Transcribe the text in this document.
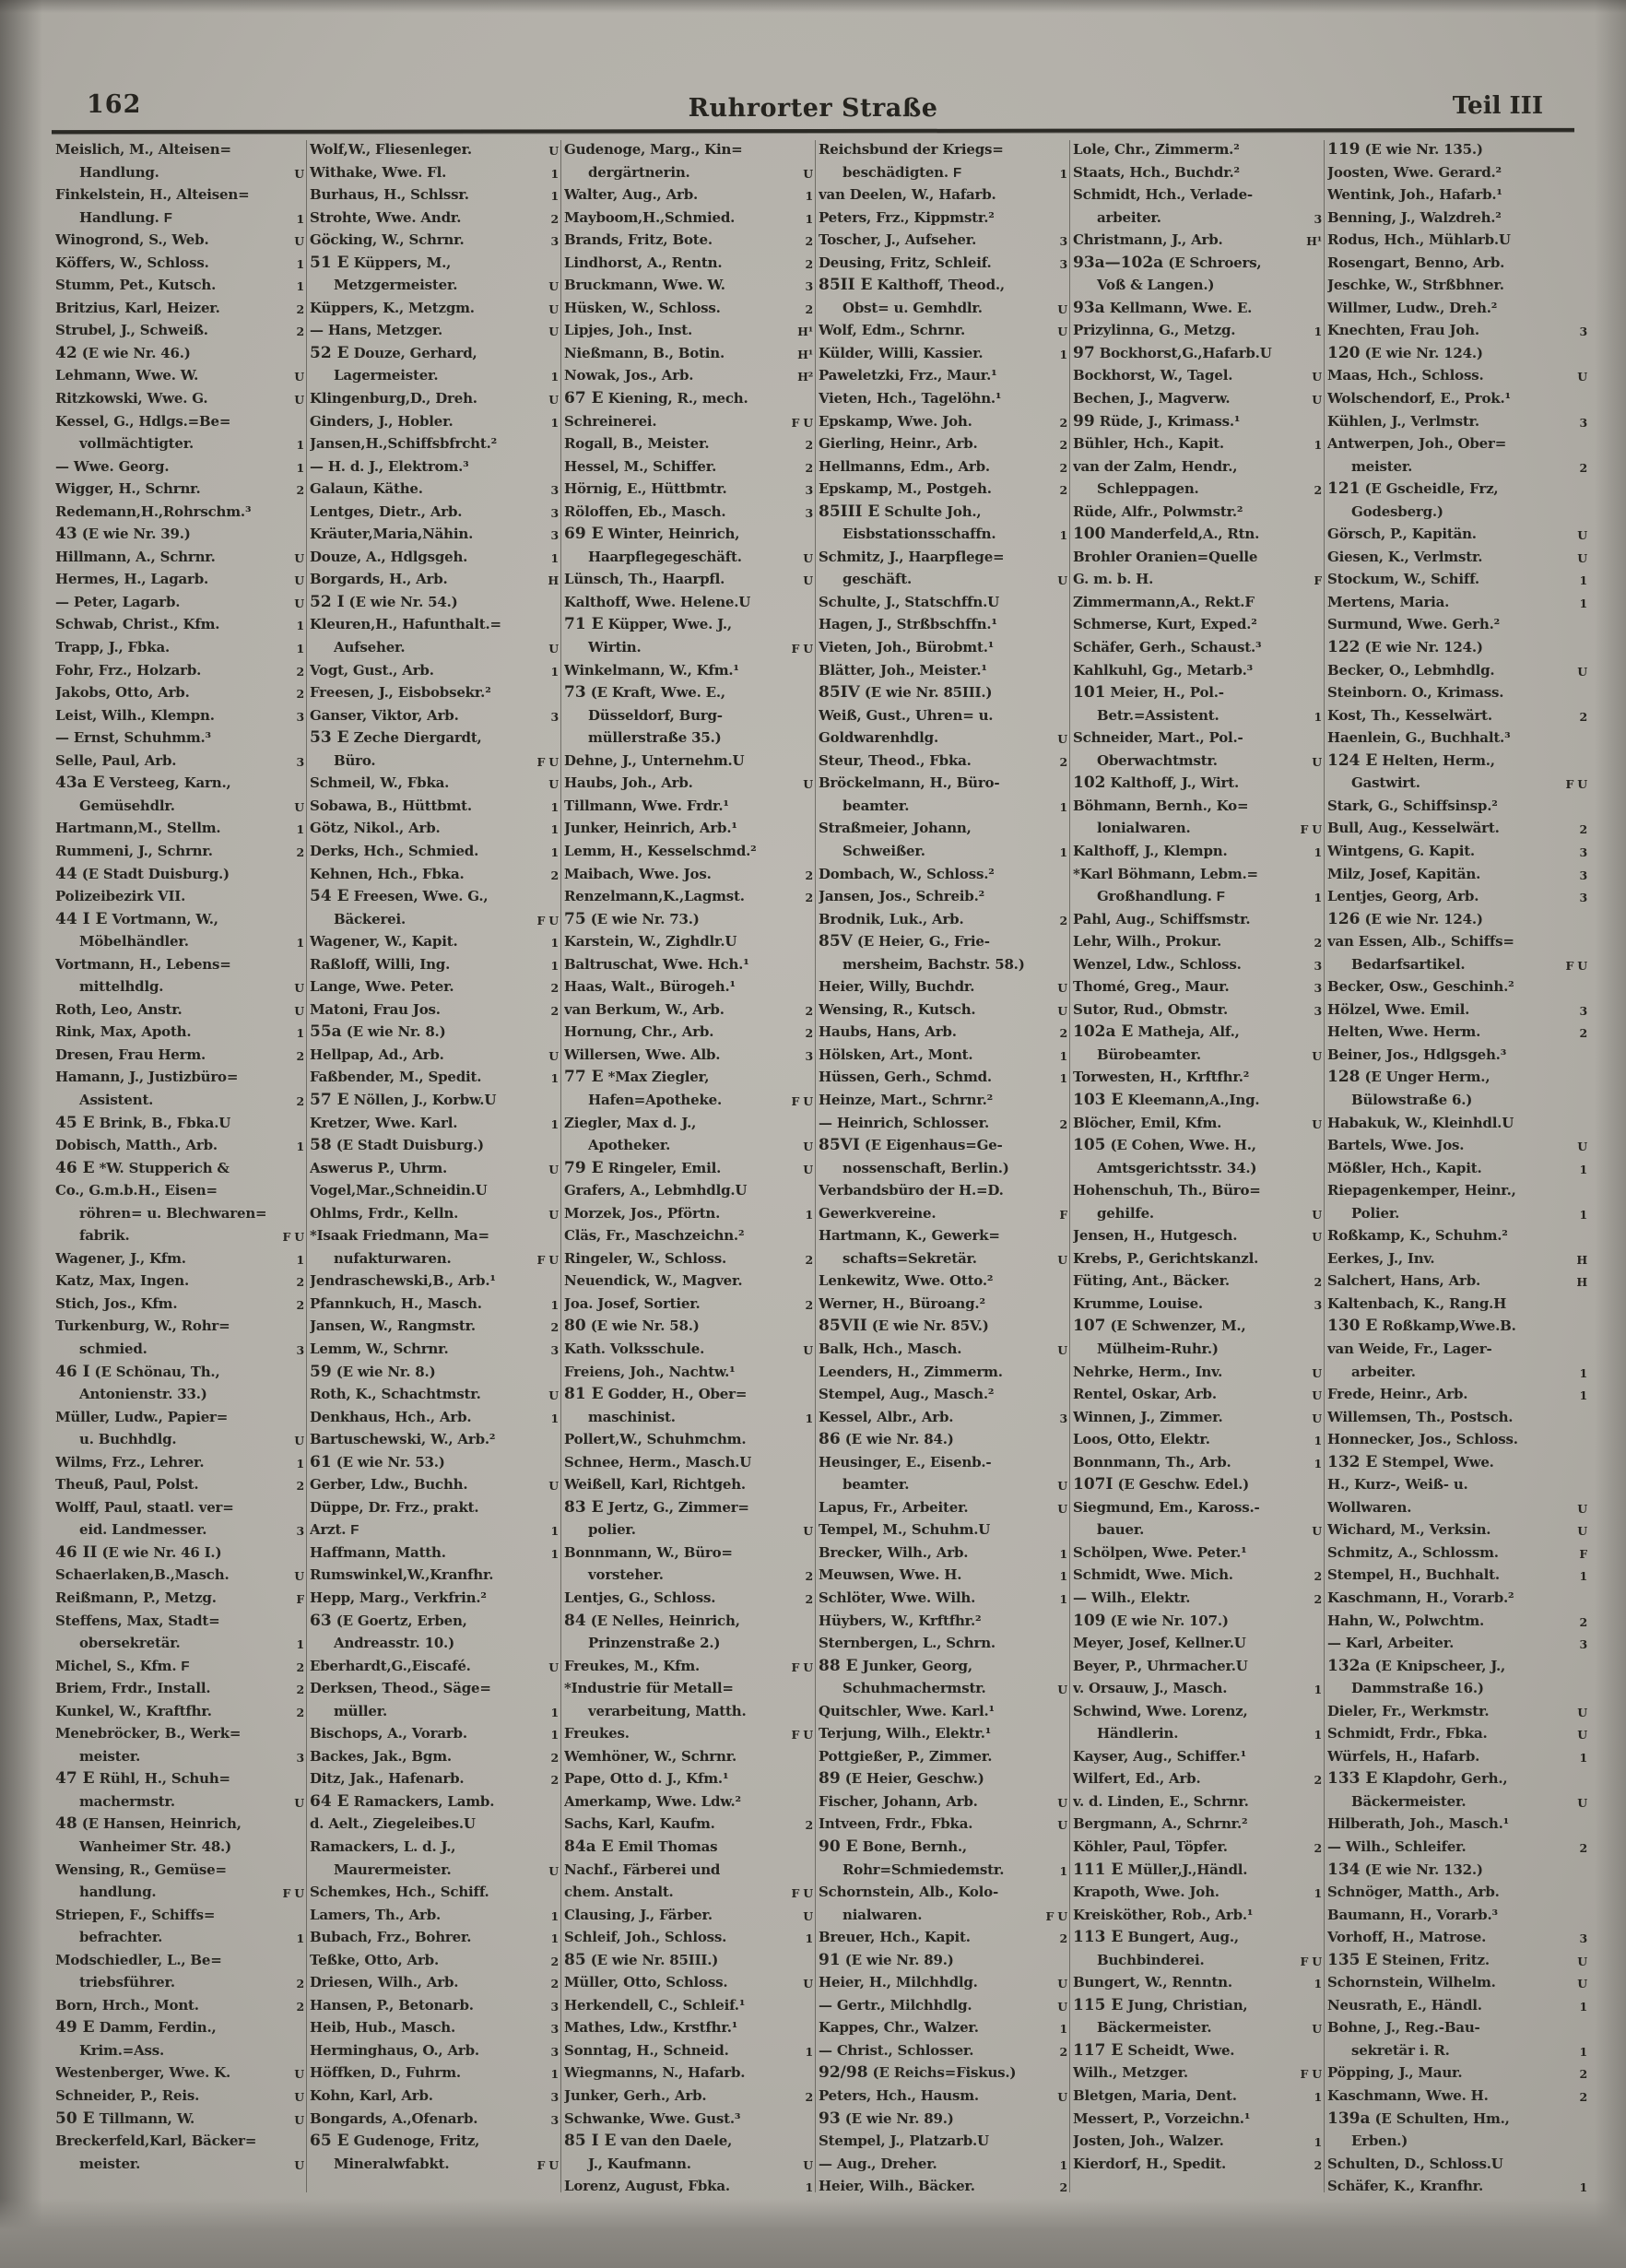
162	Ruhrorter Straße	Teil III
Meislich, M., Alteisen=
Handlung.	U
Finkelstein, H., Alteisen=
Handlung. F	1
Winogrond, S., Web.	U
Köffers, W., Schloss.	1
Stumm, Pet., Kutsch.	1
Britzius, Karl, Heizer.	2
Strubel, J., Schweiß.	2
42 (E wie Nr. 46.)
Lehmann, Wwe. W.	U
Ritzkowski, Wwe. G.	U
Kessel, G., Hdlgs.=Be=
vollmächtigter.	1
— Wwe. Georg.	1
Wigger, H., Schrnr.	2
Redemann,H.,Rohrschm.³
43 (E wie Nr. 39.)
Hillmann, A., Schrnr.	U
Hermes, H., Lagarb.	U
— Peter, Lagarb.	U
Schwab, Christ., Kfm.	1
Trapp, J., Fbka.	1
Fohr, Frz., Holzarb.	2
Jakobs, Otto, Arb.	2
Leist, Wilh., Klempn.	3
— Ernst, Schuhmm.³
Selle, Paul, Arb.	3
43a E Versteeg, Karn.,
Gemüsehdlr.	U
Hartmann,M., Stellm.	1
Rummeni, J., Schrnr.	2
44 (E Stadt Duisburg.)
Polizeibezirk VII.
44 I E Vortmann, W.,
Möbelhändler.	1
Vortmann, H., Lebens=
mittelhdlg.	U
Roth, Leo, Anstr.	U
Rink, Max, Apoth.	1
Dresen, Frau Herm.	2
Hamann, J., Justizbüro=
Assistent.	2
45 E Brink, B., Fbka.U
Dobisch, Matth., Arb.	1
46 E *W. Stupperich &
Co., G.m.b.H., Eisen=
röhren= u. Blechwaren=
fabrik.	F U
Wagener, J., Kfm.	1
Katz, Max, Ingen.	2
Stich, Jos., Kfm.	2
Turkenburg, W., Rohr=
schmied.	3
46 I (E Schönau, Th.,
Antonienstr. 33.)
Müller, Ludw., Papier=
u. Buchhdlg.	U
Wilms, Frz., Lehrer.	1
Theuß, Paul, Polst.	2
Wolff, Paul, staatl. ver=
eid. Landmesser.	3
46 II (E wie Nr. 46 I.)
Schaerlaken,B.,Masch.	U
Reißmann, P., Metzg.	F
Steffens, Max, Stadt=
obersekretär.	1
Michel, S., Kfm. F	2
Briem, Frdr., Install.	2
Kunkel, W., Kraftfhr.	2
Menebröcker, B., Werk=
meister.	3
47 E Rühl, H., Schuh=
machermstr.	U
48 (E Hansen, Heinrich,
Wanheimer Str. 48.)
Wensing, R., Gemüse=
handlung.	F U
Striepen, F., Schiffs=
befrachter.	1
Modschiedler, L., Be=
triebsführer.	2
Born, Hrch., Mont.	2
49 E Damm, Ferdin.,
Krim.=Ass.
Westenberger, Wwe. K.	U
Schneider, P., Reis.	U
50 E Tillmann, W.	U
Breckerfeld,Karl, Bäcker=
meister.	U
Wolf,W., Fliesenleger.	U
Withake, Wwe. Fl.	1
Burhaus, H., Schlssr.	1
Strohte, Wwe. Andr.	2
Göcking, W., Schrnr.	3
51 E Küppers, M.,
Metzgermeister.	U
Küppers, K., Metzgm.	U
— Hans, Metzger.	U
52 E Douze, Gerhard,
Lagermeister.	1
Klingenburg,D., Dreh.	U
Ginders, J., Hobler.	1
Jansen,H.,Schiffsbfrcht.²
— H. d. J., Elektrom.³
Galaun, Käthe.	3
Lentges, Dietr., Arb.	3
Kräuter,Maria,Nähin.	3
Douze, A., Hdlgsgeh.	1
Borgards, H., Arb.	H
52 I (E wie Nr. 54.)
Kleuren,H., Hafunthalt.=
Aufseher.	U
Vogt, Gust., Arb.	1
Freesen, J., Eisbobsekr.²
Ganser, Viktor, Arb.	3
53 E Zeche Diergardt,
Büro.	F U
Schmeil, W., Fbka.	U
Sobawa, B., Hüttbmt.	1
Götz, Nikol., Arb.	1
Derks, Hch., Schmied.	1
Kehnen, Hch., Fbka.	2
54 E Freesen, Wwe. G.,
Bäckerei.	F U
Wagener, W., Kapit.	1
Raßloff, Willi, Ing.	1
Lange, Wwe. Peter.	2
Matoni, Frau Jos.	2
55a (E wie Nr. 8.)
Hellpap, Ad., Arb.	U
Faßbender, M., Spedit.	1
57 E Nöllen, J., Korbw.U
Kretzer, Wwe. Karl.	1
58 (E Stadt Duisburg.)
Aswerus P., Uhrm.	U
Vogel,Mar.,Schneidin.U
Ohlms, Frdr., Kelln.	U
*Isaak Friedmann, Ma=
nufakturwaren.	F U
Jendraschewski,B., Arb.¹
Pfannkuch, H., Masch.	1
Jansen, W., Rangmstr.	2
Lemm, W., Schrnr.	3
59 (E wie Nr. 8.)
Roth, K., Schachtmstr.	U
Denkhaus, Hch., Arb.	1
Bartuschewski, W., Arb.²
61 (E wie Nr. 53.)
Gerber, Ldw., Buchh.	U
Düppe, Dr. Frz., prakt.
Arzt. F	1
Haffmann, Matth.	1
Rumswinkel,W.,Kranfhr.
Hepp, Marg., Verkfrin.²
63 (E Goertz, Erben,
Andreasstr. 10.)
Eberhardt,G.,Eiscafé.	U
Derksen, Theod., Säge=
müller.	1
Bischops, A., Vorarb.	1
Backes, Jak., Bgm.	2
Ditz, Jak., Hafenarb.	2
64 E Ramackers, Lamb.
d. Aelt., Ziegeleibes.U
Ramackers, L. d. J.,
Maurermeister.	U
Schemkes, Hch., Schiff.
Lamers, Th., Arb.	1
Bubach, Frz., Bohrer.	1
Teßke, Otto, Arb.	2
Driesen, Wilh., Arb.	2
Hansen, P., Betonarb.	3
Heib, Hub., Masch.	3
Herminghaus, O., Arb.	3
Höffken, D., Fuhrm.	1
Kohn, Karl, Arb.	3
Bongards, A.,Ofenarb.	3
65 E Gudenoge, Fritz,
Mineralwfabkt.	F U
Gudenoge, Marg., Kin=
dergärtnerin.	U
Walter, Aug., Arb.	1
Mayboom,H.,Schmied.	1
Brands, Fritz, Bote.	2
Lindhorst, A., Rentn.	2
Bruckmann, Wwe. W.	3
Hüsken, W., Schloss.	2
Lipjes, Joh., Inst.	H¹
Nießmann, B., Botin.	H¹
Nowak, Jos., Arb.	H²
67 E Kiening, R., mech.
Schreinerei.	F U
Rogall, B., Meister.	2
Hessel, M., Schiffer.	2
Hörnig, E., Hüttbmtr.	3
Röloffen, Eb., Masch.	3
69 E Winter, Heinrich,
Haarpflegegeschäft.	U
Lünsch, Th., Haarpfl.	U
Kalthoff, Wwe. Helene.U
71 E Küpper, Wwe. J.,
Wirtin.	F U
Winkelmann, W., Kfm.¹
73 (E Kraft, Wwe. E.,
Düsseldorf, Burg-
müllerstraße 35.)
Dehne, J., Unternehm.U
Haubs, Joh., Arb.	U
Tillmann, Wwe. Frdr.¹
Junker, Heinrich, Arb.¹
Lemm, H., Kesselschmd.²
Maibach, Wwe. Jos.	2
Renzelmann,K.,Lagmst.	2
75 (E wie Nr. 73.)
Karstein, W., Zighdlr.U
Baltruschat, Wwe. Hch.¹
Haas, Walt., Bürogeh.¹
van Berkum, W., Arb.	2
Hornung, Chr., Arb.	2
Willersen, Wwe. Alb.	3
77 E *Max Ziegler,
Hafen=Apotheke.	F U
Ziegler, Max d. J.,
Apotheker.	U
79 E Ringeler, Emil.	U
Grafers, A., Lebmhdlg.U
Morzek, Jos., Pförtn.	1
Cläs, Fr., Maschzeichn.²
Ringeler, W., Schloss.	2
Neuendick, W., Magver.
Joa. Josef, Sortier.	2
80 (E wie Nr. 58.)
Kath. Volksschule.	U
Freiens, Joh., Nachtw.¹
81 E Godder, H., Ober=
maschinist.	1
Pollert,W., Schuhmchm.
Schnee, Herm., Masch.U
Weißell, Karl, Richtgeh.
83 E Jertz, G., Zimmer=
polier.	U
Bonnmann, W., Büro=
vorsteher.	2
Lentjes, G., Schloss.	2
84 (E Nelles, Heinrich,
Prinzenstraße 2.)
Freukes, M., Kfm.	F U
*Industrie für Metall=
verarbeitung, Matth.
Freukes.	F U
Wemhöner, W., Schrnr.
Pape, Otto d. J., Kfm.¹
Amerkamp, Wwe. Ldw.²
Sachs, Karl, Kaufm.	2
84a E Emil Thomas
Nachf., Färberei und
chem. Anstalt.	F U
Clausing, J., Färber.	U
Schleif, Joh., Schloss.	1
85 (E wie Nr. 85III.)
Müller, Otto, Schloss.	U
Herkendell, C., Schleif.¹
Mathes, Ldw., Krstfhr.¹
Sonntag, H., Schneid.	1
Wiegmanns, N., Hafarb.
Junker, Gerh., Arb.	2
Schwanke, Wwe. Gust.³
85 I E van den Daele,
J., Kaufmann.	U
Lorenz, August, Fbka.	1
Reichsbund der Kriegs=
beschädigten. F	1
van Deelen, W., Hafarb.
Peters, Frz., Kippmstr.²
Toscher, J., Aufseher.	3
Deusing, Fritz, Schleif.	3
85II E Kalthoff, Theod.,
Obst= u. Gemhdlr.	U
Wolf, Edm., Schrnr.	U
Külder, Willi, Kassier.	1
Paweletzki, Frz., Maur.¹
Vieten, Hch., Tagelöhn.¹
Epskamp, Wwe. Joh.	2
Gierling, Heinr., Arb.	2
Hellmanns, Edm., Arb.	2
Epskamp, M., Postgeh.	2
85III E Schulte Joh.,
Eisbstationsschaffn.	1
Schmitz, J., Haarpflege=
geschäft.	U
Schulte, J., Statschffn.U
Hagen, J., Strßbschffn.¹
Vieten, Joh., Bürobmt.¹
Blätter, Joh., Meister.¹
85IV (E wie Nr. 85III.)
Weiß, Gust., Uhren= u.
Goldwarenhdlg.	U
Steur, Theod., Fbka.	2
Bröckelmann, H., Büro-
beamter.	1
Straßmeier, Johann,
Schweißer.	1
Dombach, W., Schloss.²
Jansen, Jos., Schreib.²
Brodnik, Luk., Arb.	2
85V (E Heier, G., Frie-
mersheim, Bachstr. 58.)
Heier, Willy, Buchdr.	U
Wensing, R., Kutsch.	U
Haubs, Hans, Arb.	2
Hölsken, Art., Mont.	1
Hüssen, Gerh., Schmd.	1
Heinze, Mart., Schrnr.²
— Heinrich, Schlosser.	2
85VI (E Eigenhaus=Ge-
nossenschaft, Berlin.)
Verbandsbüro der H.=D.
Gewerkvereine.	F
Hartmann, K., Gewerk=
schafts=Sekretär.	U
Lenkewitz, Wwe. Otto.²
Werner, H., Büroang.²
85VII (E wie Nr. 85V.)
Balk, Hch., Masch.	U
Leenders, H., Zimmerm.
Stempel, Aug., Masch.²
Kessel, Albr., Arb.	3
86 (E wie Nr. 84.)
Heusinger, E., Eisenb.-
beamter.	U
Lapus, Fr., Arbeiter.	U
Tempel, M., Schuhm.U
Brecker, Wilh., Arb.	1
Meuwsen, Wwe. H.	1
Schlöter, Wwe. Wilh.	1
Hüybers, W., Krftfhr.²
Sternbergen, L., Schrn.
88 E Junker, Georg,
Schuhmachermstr.	U
Quitschler, Wwe. Karl.¹
Terjung, Wilh., Elektr.¹
Pottgießer, P., Zimmer.
89 (E Heier, Geschw.)
Fischer, Johann, Arb.	U
Intveen, Frdr., Fbka.	U
90 E Bone, Bernh.,
Rohr=Schmiedemstr.	1
Schornstein, Alb., Kolo-
nialwaren.	F U
Breuer, Hch., Kapit.	2
91 (E wie Nr. 89.)
Heier, H., Milchhdlg.	U
— Gertr., Milchhdlg.	U
Kappes, Chr., Walzer.	1
— Christ., Schlosser.	2
92/98 (E Reichs=Fiskus.)
Peters, Hch., Hausm.	U
93 (E wie Nr. 89.)
Stempel, J., Platzarb.U
— Aug., Dreher.	1
Heier, Wilh., Bäcker.	2
Lole, Chr., Zimmerm.²
Staats, Hch., Buchdr.²
Schmidt, Hch., Verlade-
arbeiter.	3
Christmann, J., Arb.	H¹
93a—102a (E Schroers,
Voß & Langen.)
93a Kellmann, Wwe. E.
Prizylinna, G., Metzg.	1
97 Bockhorst,G.,Hafarb.U
Bockhorst, W., Tagel.	U
Bechen, J., Magverw.	U
99 Rüde, J., Krimass.¹
Bühler, Hch., Kapit.	1
van der Zalm, Hendr.,
Schleppagen.	2
Rüde, Alfr., Polwmstr.²
100 Manderfeld,A., Rtn.
Brohler Oranien=Quelle
G. m. b. H.	F
Zimmermann,A., Rekt.F
Schmerse, Kurt, Exped.²
Schäfer, Gerh., Schaust.³
Kahlkuhl, Gg., Metarb.³
101 Meier, H., Pol.-
Betr.=Assistent.	1
Schneider, Mart., Pol.-
Oberwachtmstr.	U
102 Kalthoff, J., Wirt.
Böhmann, Bernh., Ko=
lonialwaren.	F U
Kalthoff, J., Klempn.	1
*Karl Böhmann, Lebm.=
Großhandlung. F	1
Pahl, Aug., Schiffsmstr.
Lehr, Wilh., Prokur.	2
Wenzel, Ldw., Schloss.	3
Thomé, Greg., Maur.	3
Sutor, Rud., Obmstr.	3
102a E Matheja, Alf.,
Bürobeamter.	U
Torwesten, H., Krftfhr.²
103 E Kleemann,A.,Ing.
Blöcher, Emil, Kfm.	U
105 (E Cohen, Wwe. H.,
Amtsgerichtsstr. 34.)
Hohenschuh, Th., Büro=
gehilfe.	U
Jensen, H., Hutgesch.	U
Krebs, P., Gerichtskanzl.
Füting, Ant., Bäcker.	2
Krumme, Louise.	3
107 (E Schwenzer, M.,
Mülheim-Ruhr.)
Nehrke, Herm., Inv.	U
Rentel, Oskar, Arb.	U
Winnen, J., Zimmer.	U
Loos, Otto, Elektr.	1
Bonnmann, Th., Arb.	1
107I (E Geschw. Edel.)
Siegmund, Em., Kaross.-
bauer.	U
Schölpen, Wwe. Peter.¹
Schmidt, Wwe. Mich.	2
— Wilh., Elektr.	2
109 (E wie Nr. 107.)
Meyer, Josef, Kellner.U
Beyer, P., Uhrmacher.U
v. Orsauw, J., Masch.	1
Schwind, Wwe. Lorenz,
Händlerin.	1
Kayser, Aug., Schiffer.¹
Wilfert, Ed., Arb.	2
v. d. Linden, E., Schrnr.
Bergmann, A., Schrnr.²
Köhler, Paul, Töpfer.	2
111 E Müller,J.,Händl.
Krapoth, Wwe. Joh.	1
Kreisköther, Rob., Arb.¹
113 E Bungert, Aug.,
Buchbinderei.	F U
Bungert, W., Renntn.	1
115 E Jung, Christian,
Bäckermeister.	U
117 E Scheidt, Wwe.
Wilh., Metzger.	F U
Bletgen, Maria, Dent.	1
Messert, P., Vorzeichn.¹
Josten, Joh., Walzer.	1
Kierdorf, H., Spedit.	2
119 (E wie Nr. 135.)
Joosten, Wwe. Gerard.²
Wentink, Joh., Hafarb.¹
Benning, J., Walzdreh.²
Rodus, Hch., Mühlarb.U
Rosengart, Benno, Arb.
Jeschke, W., Strßbhner.
Willmer, Ludw., Dreh.²
Knechten, Frau Joh.	3
120 (E wie Nr. 124.)
Maas, Hch., Schloss.	U
Wolschendorf, E., Prok.¹
Kühlen, J., Verlmstr.	3
Antwerpen, Joh., Ober=
meister.	2
121 (E Gscheidle, Frz,
Godesberg.)
Görsch, P., Kapitän.	U
Giesen, K., Verlmstr.	U
Stockum, W., Schiff.	1
Mertens, Maria.	1
Surmund, Wwe. Gerh.²
122 (E wie Nr. 124.)
Becker, O., Lebmhdlg.	U
Steinborn. O., Krimass.
Kost, Th., Kesselwärt.	2
Haenlein, G., Buchhalt.³
124 E Helten, Herm.,
Gastwirt.	F U
Stark, G., Schiffsinsp.²
Bull, Aug., Kesselwärt.	2
Wintgens, G. Kapit.	3
Milz, Josef, Kapitän.	3
Lentjes, Georg, Arb.	3
126 (E wie Nr. 124.)
van Essen, Alb., Schiffs=
Bedarfsartikel.	F U
Becker, Osw., Geschinh.²
Hölzel, Wwe. Emil.	3
Helten, Wwe. Herm.	2
Beiner, Jos., Hdlgsgeh.³
128 (E Unger Herm.,
Bülowstraße 6.)
Habakuk, W., Kleinhdl.U
Bartels, Wwe. Jos.	U
Mößler, Hch., Kapit.	1
Riepagenkemper, Heinr.,
Polier.	1
Roßkamp, K., Schuhm.²
Eerkes, J., Inv.	H
Salchert, Hans, Arb.	H
Kaltenbach, K., Rang.H
130 E Roßkamp,Wwe.B.
van Weide, Fr., Lager-
arbeiter.	1
Frede, Heinr., Arb.	1
Willemsen, Th., Postsch.
Honnecker, Jos., Schloss.
132 E Stempel, Wwe.
H., Kurz-, Weiß- u.
Wollwaren.	U
Wichard, M., Verksin.	U
Schmitz, A., Schlossm.	F
Stempel, H., Buchhalt.	1
Kaschmann, H., Vorarb.²
Hahn, W., Polwchtm.	2
— Karl, Arbeiter.	3
132a (E Knipscheer, J.,
Dammstraße 16.)
Dieler, Fr., Werkmstr.	U
Schmidt, Frdr., Fbka.	U
Würfels, H., Hafarb.	1
133 E Klapdohr, Gerh.,
Bäckermeister.	U
Hilberath, Joh., Masch.¹
— Wilh., Schleifer.	2
134 (E wie Nr. 132.)
Schnöger, Matth., Arb.
Baumann, H., Vorarb.³
Vorhoff, H., Matrose.	3
135 E Steinen, Fritz.	U
Schornstein, Wilhelm.	U
Neusrath, E., Händl.	1
Bohne, J., Reg.-Bau-
sekretär i. R.	1
Pöpping, J., Maur.	2
Kaschmann, Wwe. H.	2
139a (E Schulten, Hm.,
Erben.)
Schulten, D., Schloss.U
Schäfer, K., Kranfhr.	1
